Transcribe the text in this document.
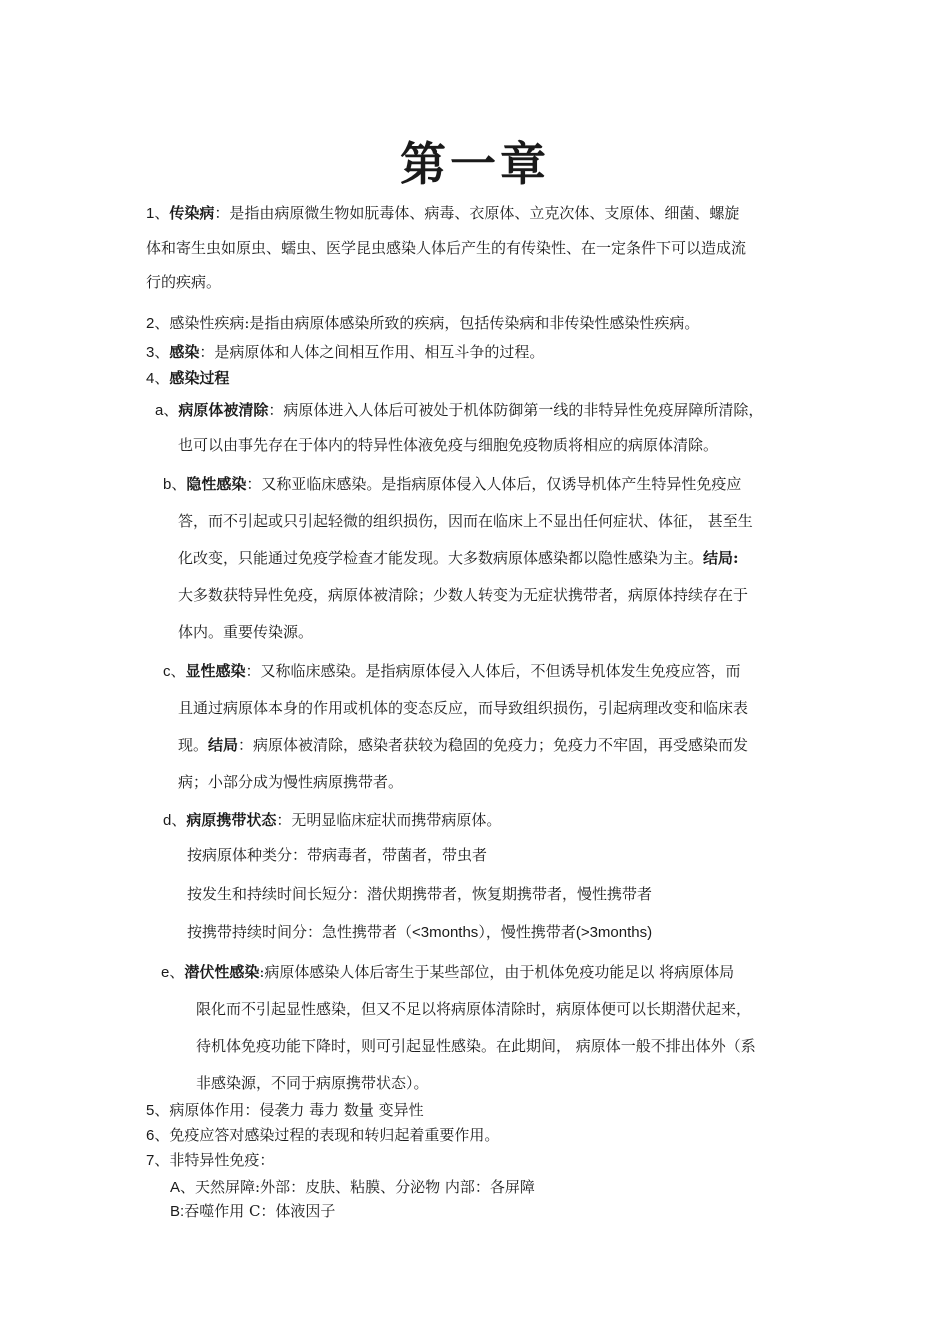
第一章
1、传染病：是指由病原微生物如朊毒体、病毒、衣原体、立克次体、支原体、细菌、螺旋
体和寄生虫如原虫、蠕虫、医学昆虫感染人体后产生的有传染性、在一定条件下可以造成流
行的疾病。
2、感染性疾病:是指由病原体感染所致的疾病，包括传染病和非传染性感染性疾病。
3、感染：是病原体和人体之间相互作用、相互斗争的过程。
4、感染过程
a、病原体被清除：病原体进入人体后可被处于机体防御第一线的非特异性免疫屏障所清除，
也可以由事先存在于体内的特异性体液免疫与细胞免疫物质将相应的病原体清除。
b、隐性感染：又称亚临床感染。是指病原体侵入人体后，仅诱导机体产生特异性免疫应
答，而不引起或只引起轻微的组织损伤，因而在临床上不显出任何症状、体征， 甚至生
化改变，只能通过免疫学检查才能发现。大多数病原体感染都以隐性感染为主。结局:
大多数获特异性免疫，病原体被清除；少数人转变为无症状携带者，病原体持续存在于
体内。重要传染源。
c、显性感染：又称临床感染。是指病原体侵入人体后，不但诱导机体发生免疫应答，而
且通过病原体本身的作用或机体的变态反应，而导致组织损伤，引起病理改变和临床表
现。结局：病原体被清除，感染者获较为稳固的免疫力；免疫力不牢固，再受感染而发
病；小部分成为慢性病原携带者。
d、病原携带状态：无明显临床症状而携带病原体。
按病原体种类分：带病毒者，带菌者，带虫者
按发生和持续时间长短分：潜伏期携带者，恢复期携带者，慢性携带者
按携带持续时间分：急性携带者（<3months），慢性携带者(>3months)
e、潜伏性感染:病原体感染人体后寄生于某些部位，由于机体免疫功能足以 将病原体局
限化而不引起显性感染，但又不足以将病原体清除时，病原体便可以长期潜伏起来，
待机体免疫功能下降时，则可引起显性感染。在此期间， 病原体一般不排出体外（系
非感染源，不同于病原携带状态）。
5、病原体作用：侵袭力 毒力 数量 变异性
6、免疫应答对感染过程的表现和转归起着重要作用。
7、非特异性免疫：
A、天然屏障:外部：皮肤、粘膜、分泌物 内部：各屏障
B:吞噬作用 C：体液因子
